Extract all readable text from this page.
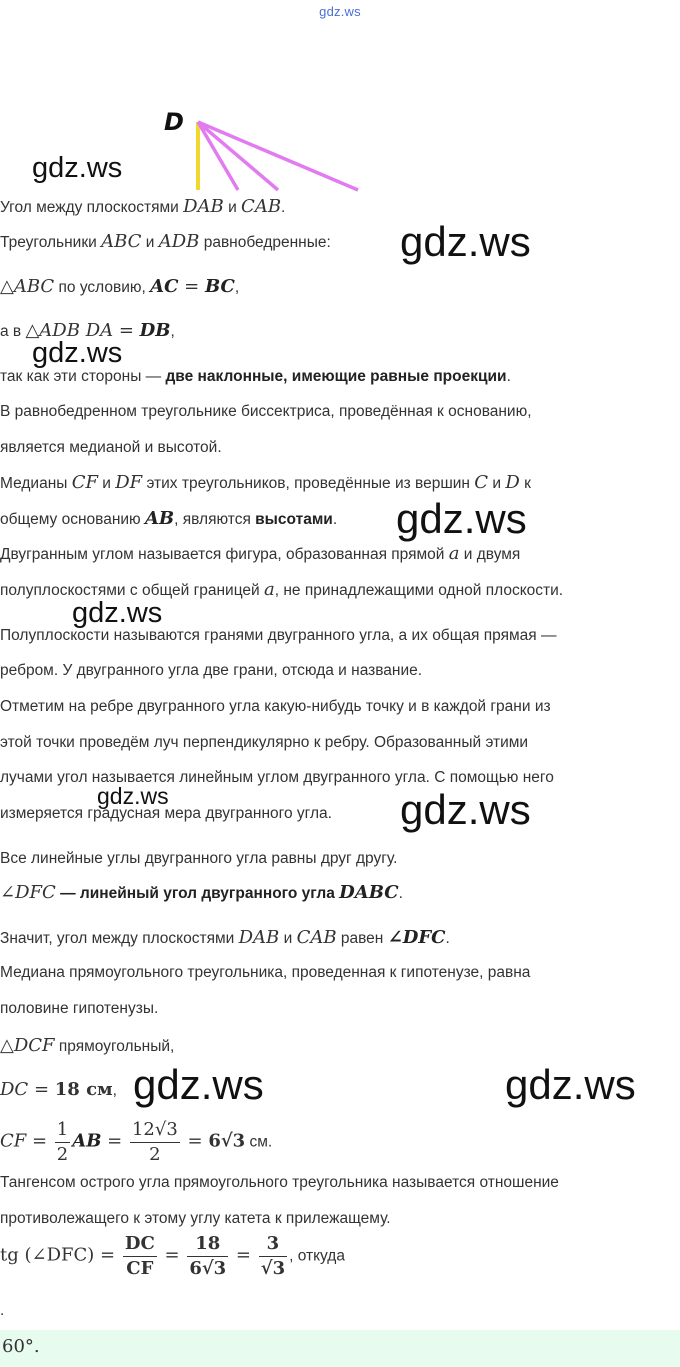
gdz.ws
D
Угол между плоскостями DAB и CAB.
Треугольники ABC и ADB равнобедренные:
△ABC по условию, AC = BC,
а в △ADB DA = DB,
так как эти стороны — две наклонные, имеющие равные проекции.
В равнобедренном треугольнике биссектриса, проведённая к основанию,
является медианой и высотой.
Медианы CF и DF этих треугольников, проведённые из вершин C и D к
общему основанию AB, являются высотами.
Двугранным углом называется фигура, образованная прямой a и двумя
полуплоскостями с общей границей a, не принадлежащими одной плоскости.
Полуплоскости называются гранями двугранного угла, а их общая прямая —
ребром. У двугранного угла две грани, отсюда и название.
Отметим на ребре двугранного угла какую-нибудь точку и в каждой грани из
этой точки проведём луч перпендикулярно к ребру. Образованный этими
лучами угол называется линейным углом двугранного угла. С помощью него
измеряется градусная мера двугранного угла.
Все линейные углы двугранного угла равны друг другу.
∠DFC — линейный угол двугранного угла DABC.
Значит, угол между плоскостями DAB и CAB равен ∠DFC.
Медиана прямоугольного треугольника, проведенная к гипотенузе, равна
половине гипотенузы.
△DCF прямоугольный,
DC = 18 см,
CF = $\frac{1}{2}$ AB = $\frac{12√3}{2} = 6√3$ см.
Тангенсом острого угла прямоугольного треугольника называется отношение
противолежащего к этому углу катета к прилежащему.
tg (∠DFC) = $\frac{DC}{CF} = \frac{18}{6√3} = \frac{3}{√3}$ , откуда
.
60°.
gdz.ws
gdz.ws
gdz.ws
gdz.ws
gdz.ws
gdz.ws	gdz.ws
gdz.ws	gdz.ws
